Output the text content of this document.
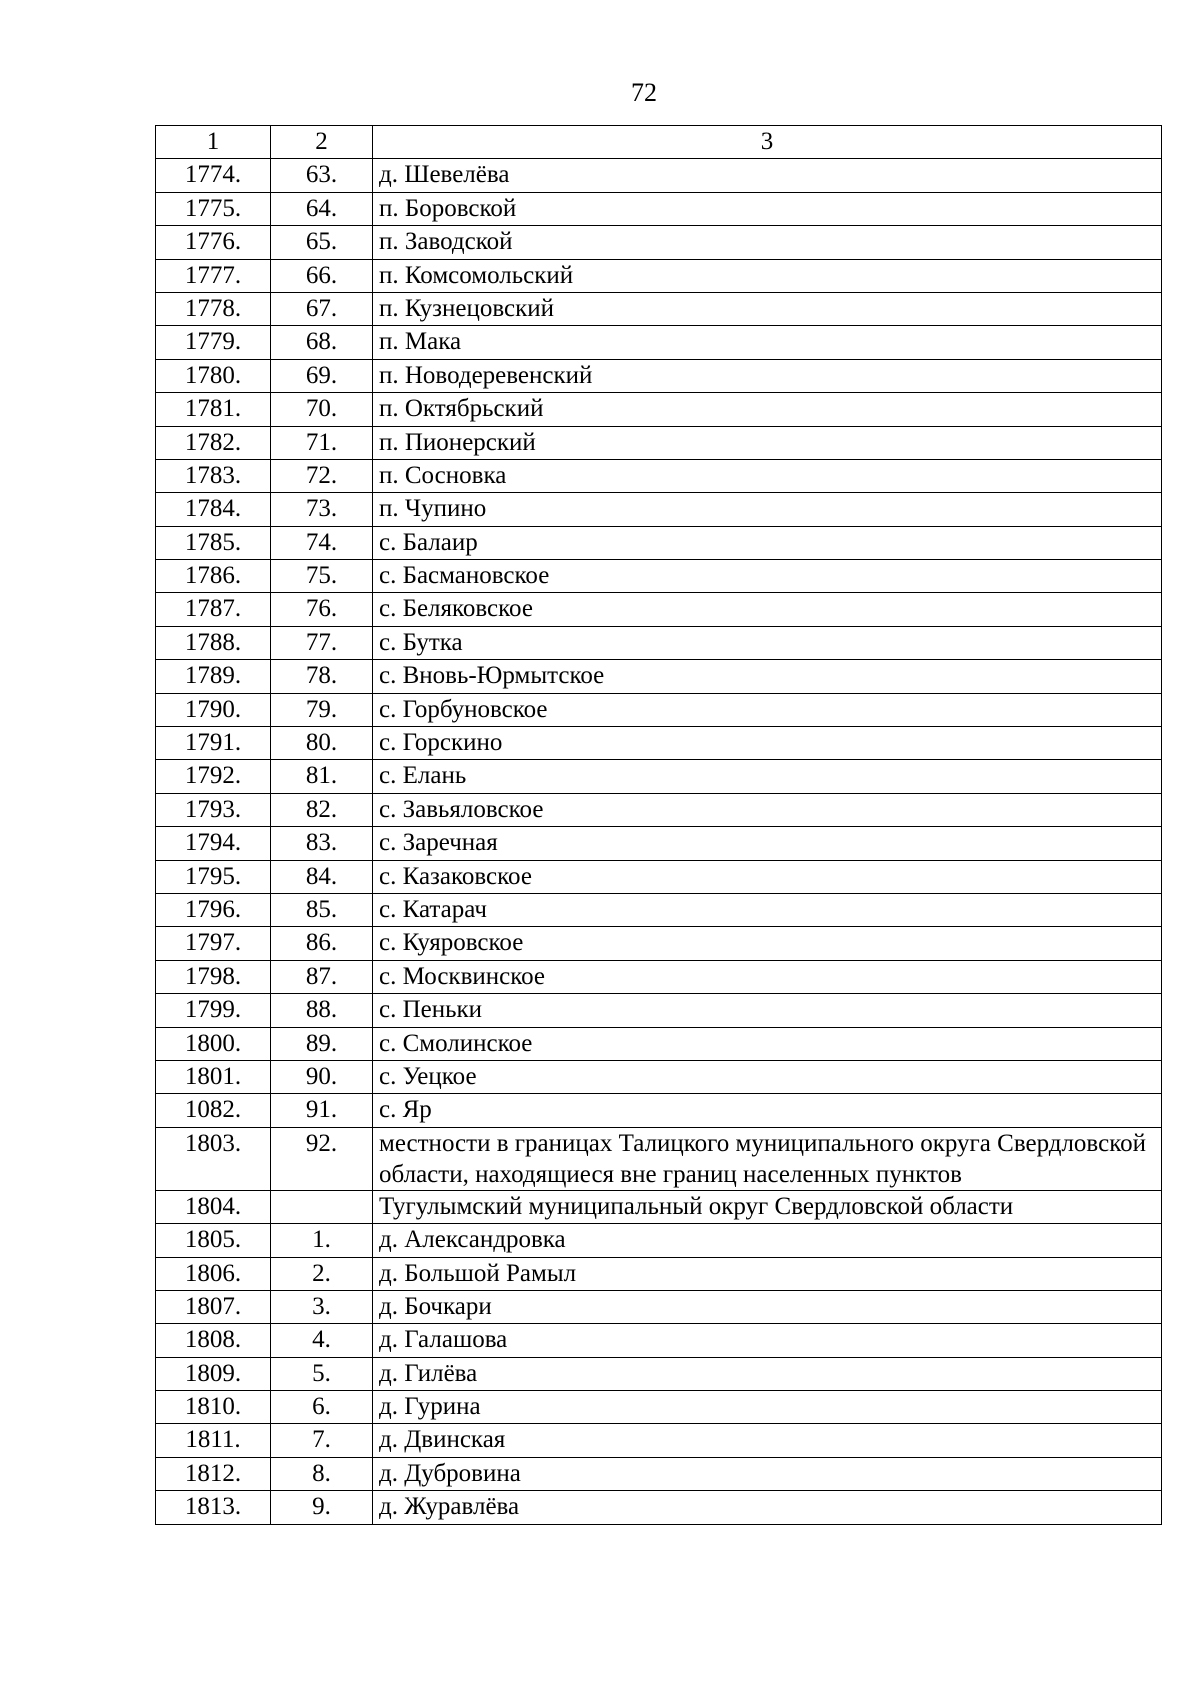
72
1	2	3
1774.	63.	д. Шевелёва
1775.	64.	п. Боровской
1776.	65.	п. Заводской
1777.	66.	п. Комсомольский
1778.	67.	п. Кузнецовский
1779.	68.	п. Мака
1780.	69.	п. Новодеревенский
1781.	70.	п. Октябрьский
1782.	71.	п. Пионерский
1783.	72.	п. Сосновка
1784.	73.	п. Чупино
1785.	74.	с. Балаир
1786.	75.	с. Басмановское
1787.	76.	с. Беляковское
1788.	77.	с. Бутка
1789.	78.	с. Вновь-Юрмытское
1790.	79.	с. Горбуновское
1791.	80.	с. Горскино
1792.	81.	с. Елань
1793.	82.	с. Завьяловское
1794.	83.	с. Заречная
1795.	84.	с. Казаковское
1796.	85.	с. Катарач
1797.	86.	с. Куяровское
1798.	87.	с. Москвинское
1799.	88.	с. Пеньки
1800.	89.	с. Смолинское
1801.	90.	с. Уецкое
1082.	91.	с. Яр
1803.	92.	местности в границах Талицкого муниципального округа Свердловской области, находящиеся вне границ населенных пунктов
1804.		Тугулымский муниципальный округ Свердловской области
1805.	1.	д. Александровка
1806.	2.	д. Большой Рамыл
1807.	3.	д. Бочкари
1808.	4.	д. Галашова
1809.	5.	д. Гилёва
1810.	6.	д. Гурина
1811.	7.	д. Двинская
1812.	8.	д. Дубровина
1813.	9.	д. Журавлёва
